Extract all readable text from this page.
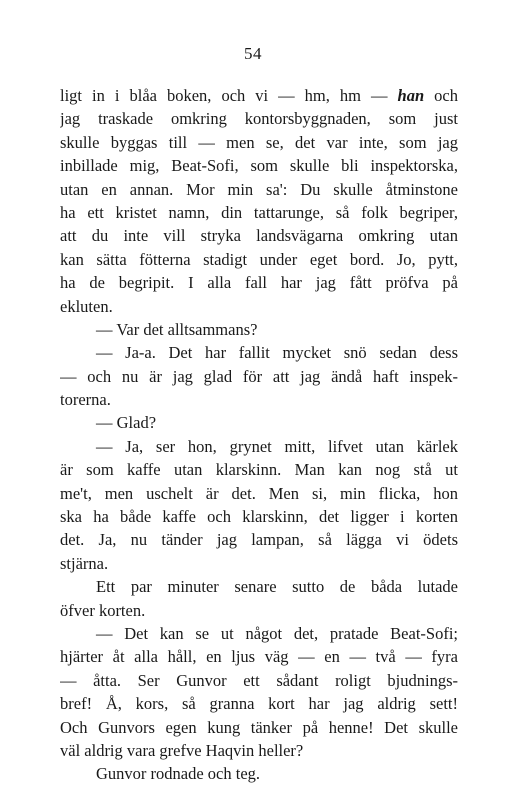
54
ligt in i blåa boken, och vi — hm, hm — han och
jag traskade omkring kontorsbyggnaden, som just
skulle byggas till — men se, det var inte, som jag
inbillade mig, Beat-Sofi, som skulle bli inspektorska,
utan en annan. Mor min sa': Du skulle åtminstone
ha ett kristet namn, din tattarunge, så folk begriper,
att du inte vill stryka landsvägarna omkring utan
kan sätta fötterna stadigt under eget bord. Jo, pytt,
ha de begripit. I alla fall har jag fått pröfva på
ekluten.
— Var det alltsammans?
— Ja-a. Det har fallit mycket snö sedan dess
— och nu är jag glad för att jag ändå haft inspek-
torerna.
— Glad?
— Ja, ser hon, grynet mitt, lifvet utan kärlek
är som kaffe utan klarskinn. Man kan nog stå ut
me't, men uschelt är det. Men si, min flicka, hon
ska ha både kaffe och klarskinn, det ligger i korten
det. Ja, nu tänder jag lampan, så lägga vi ödets
stjärna.
Ett par minuter senare sutto de båda lutade
öfver korten.
— Det kan se ut något det, pratade Beat-Sofi;
hjärter åt alla håll, en ljus väg — en — två — fyra
— åtta. Ser Gunvor ett sådant roligt bjudnings-
bref! Å, kors, så granna kort har jag aldrig sett!
Och Gunvors egen kung tänker på henne! Det skulle
väl aldrig vara grefve Haqvin heller?
Gunvor rodnade och teg.
